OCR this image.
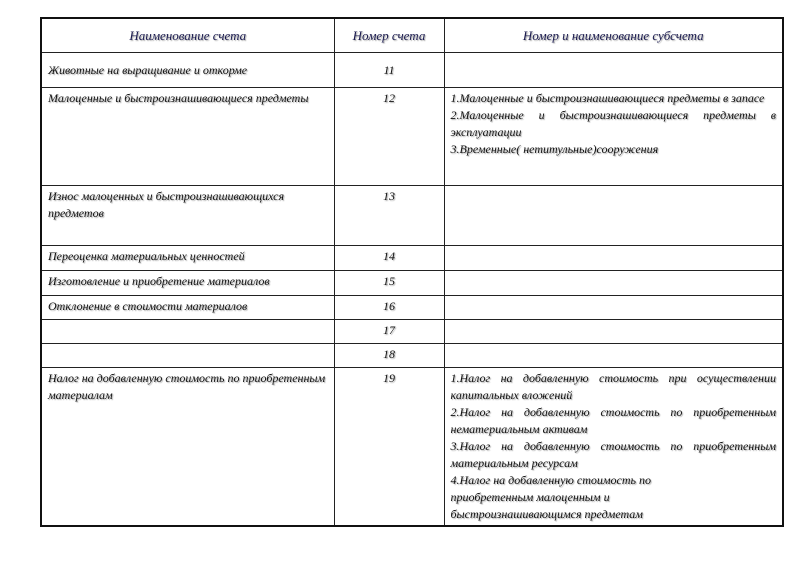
Наименование счета	Номер счета	Номер и наименование субсчета
Животные на выращивание и откорме	11	
Малоценные и быстроизнашивающиеся предметы	12	1.Малоценные и быстроизнашивающиеся предметы в запасе

2.Малоценные и быстроизнашивающиеся предметы в эксплуатации

3.Временные( нетитульные)сооружения

Износ малоценных и быстроизнашивающихся предметов	13	
Переоценка материальных ценностей	14	
Изготовление и приобретение материалов	15	
Отклонение в стоимости материалов	16	
	17	
	18	
Налог на добавленную стоимость по приобретенным материалам	19	1.Налог на добавленную стоимость при осуществлении капитальных вложений

2.Налог на добавленную стоимость по приобретенным нематериальным активам

3.Налог на добавленную стоимость по приобретенным материальным ресурсам

4.Налог на добавленную стоимость по приобретенным малоценным и быстроизнашивающимся предметам
